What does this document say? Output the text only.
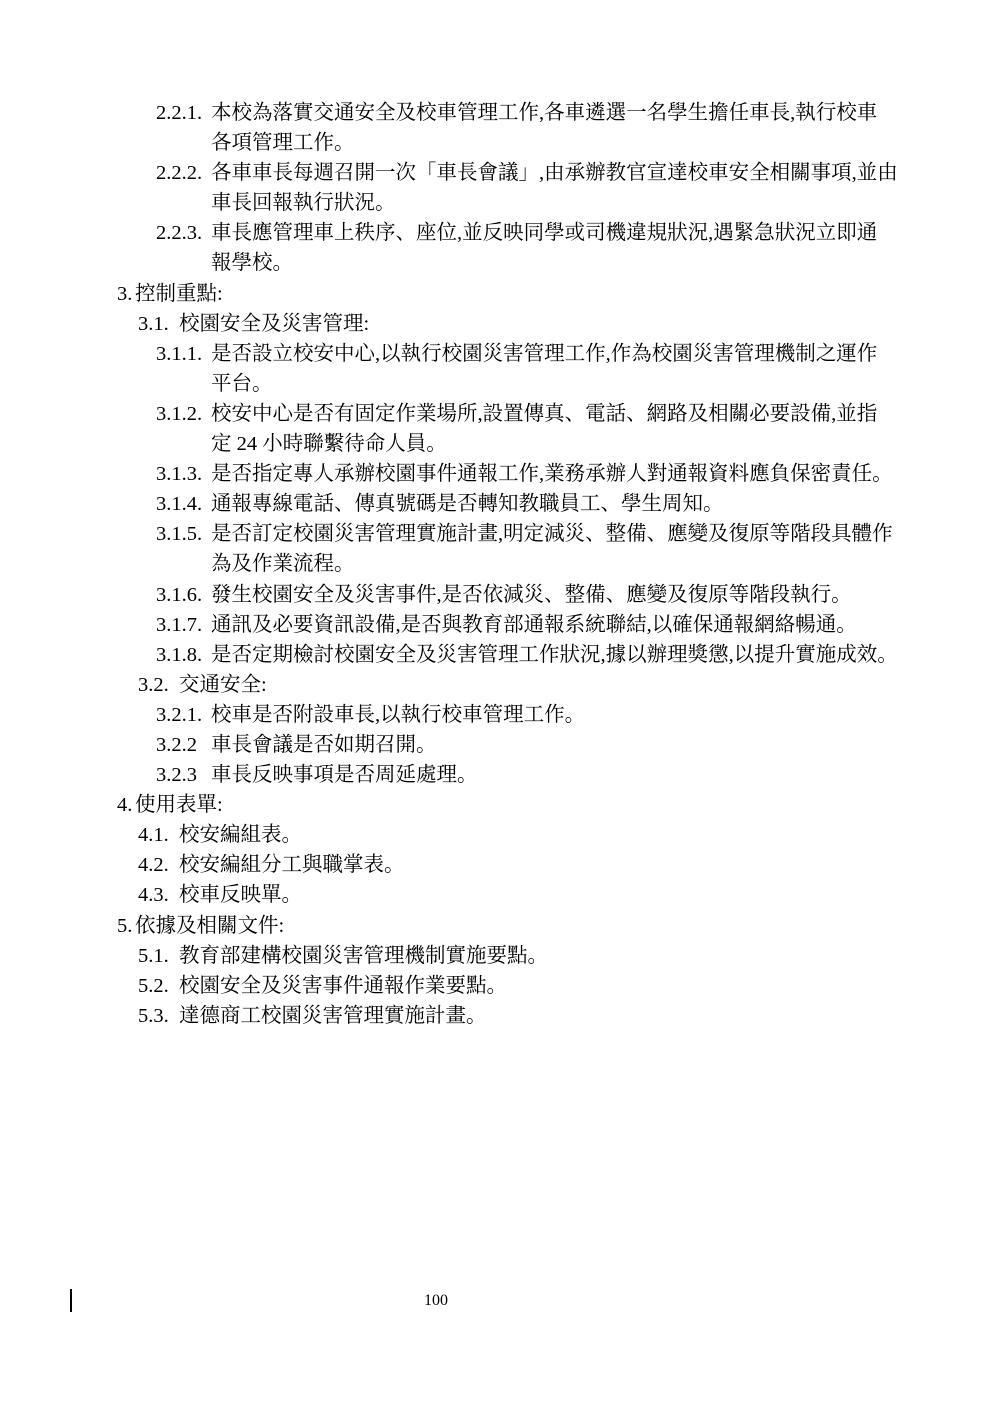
2.2.1. 本校為落實交通安全及校車管理工作,各車遴選一名學生擔任車長,執行校車
各項管理工作。
2.2.2. 各車車長每週召開一次「車長會議」,由承辦教官宣達校車安全相關事項,並由
車長回報執行狀況。
2.2.3. 車長應管理車上秩序、座位,並反映同學或司機違規狀況,遇緊急狀況立即通
報學校。
3. 控制重點:
3.1. 校園安全及災害管理:
3.1.1. 是否設立校安中心,以執行校園災害管理工作,作為校園災害管理機制之運作
平台。
3.1.2. 校安中心是否有固定作業場所,設置傳真、電話、網路及相關必要設備,並指
定 24 小時聯繫待命人員。
3.1.3. 是否指定專人承辦校園事件通報工作,業務承辦人對通報資料應負保密責任。
3.1.4. 通報專線電話、傳真號碼是否轉知教職員工、學生周知。
3.1.5. 是否訂定校園災害管理實施計畫,明定減災、整備、應變及復原等階段具體作
為及作業流程。
3.1.6. 發生校園安全及災害事件,是否依減災、整備、應變及復原等階段執行。
3.1.7. 通訊及必要資訊設備,是否與教育部通報系統聯結,以確保通報網絡暢通。
3.1.8. 是否定期檢討校園安全及災害管理工作狀況,據以辦理獎懲,以提升實施成效。
3.2. 交通安全:
3.2.1. 校車是否附設車長,以執行校車管理工作。
3.2.2 車長會議是否如期召開。
3.2.3 車長反映事項是否周延處理。
4. 使用表單:
4.1. 校安編組表。
4.2. 校安編組分工與職掌表。
4.3. 校車反映單。
5. 依據及相關文件:
5.1. 教育部建構校園災害管理機制實施要點。
5.2. 校園安全及災害事件通報作業要點。
5.3. 達德商工校園災害管理實施計畫。
100
